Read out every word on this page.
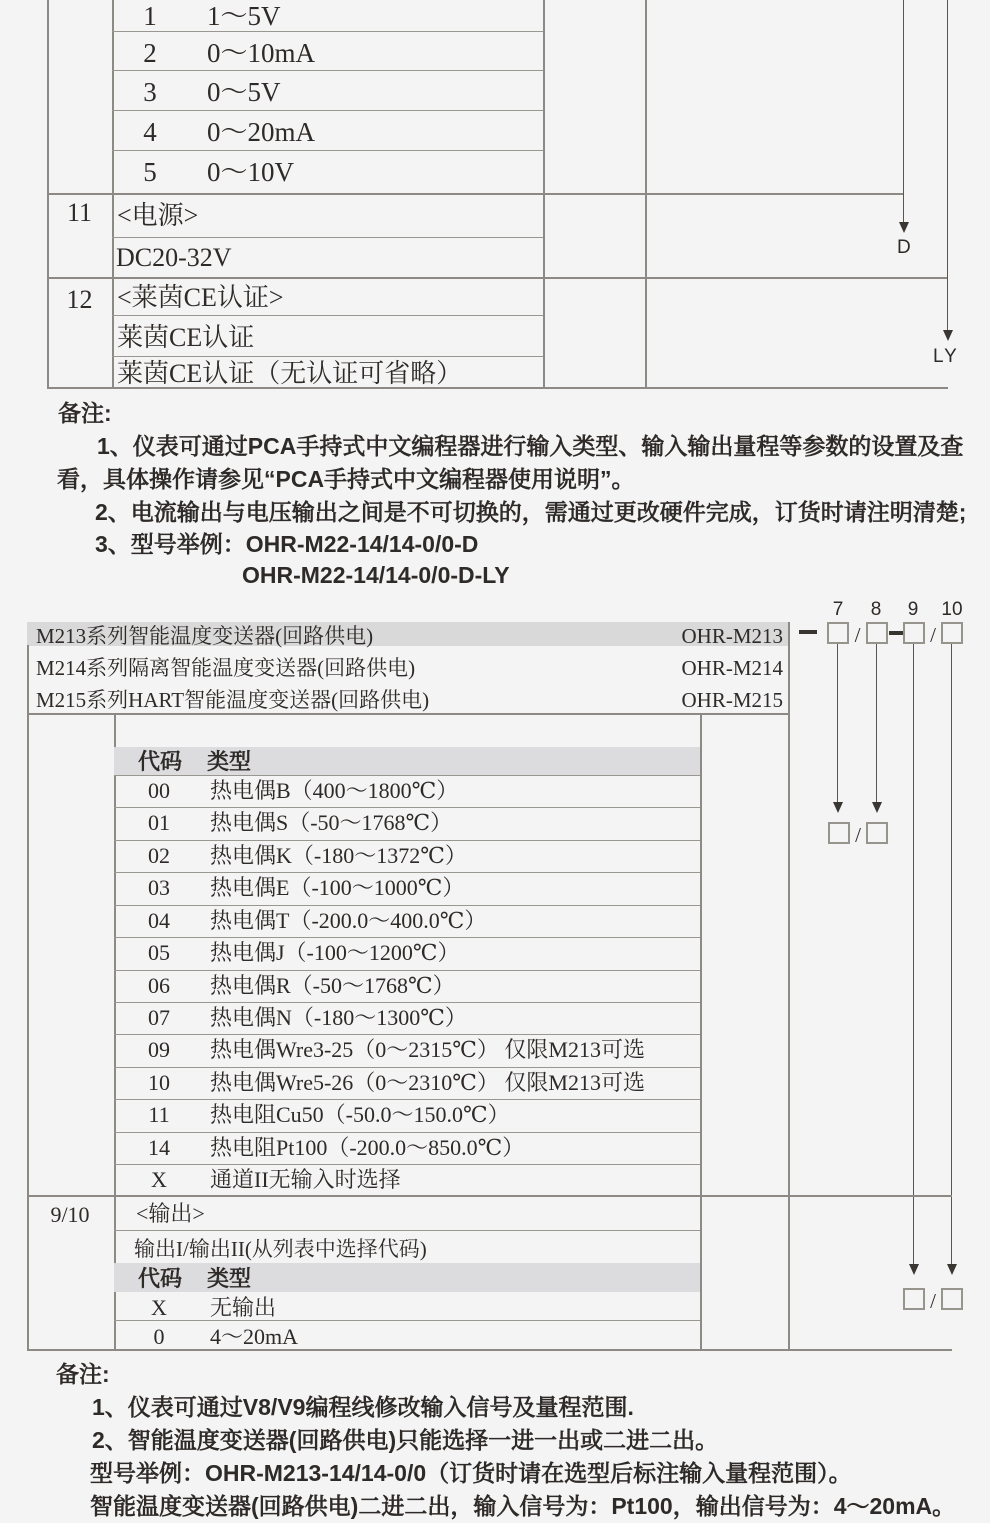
1	1～5V
2	0～10mA
3	0～5V
4	0～20mA
5	0～10V
11 <电源>
DC20-32V
12 <莱茵CE认证>
莱茵CE认证
莱茵CE认证（无认证可省略）
D
LY
备注:
1、仪表可通过PCA手持式中文编程器进行输入类型、输入输出量程等参数的设置及查
看，具体操作请参见“PCA手持式中文编程器使用说明”。
2、电流输出与电压输出之间是不可切换的，需通过更改硬件完成，订货时请注明清楚;
3、型号举例：OHR-M22-14/14-0/0-D
OHR-M22-14/14-0/0-D-LY
M213系列智能温度变送器(回路供电)	OHR-M213
M214系列隔离智能温度变送器(回路供电)	OHR-M214
M215系列HART智能温度变送器(回路供电)	OHR-M215
7 8 9 10
/	/
/
/
代码 类型
00	热电偶B（400～1800℃）
01	热电偶S（-50～1768℃）
02	热电偶K（-180～1372℃）
03	热电偶E（-100～1000℃）
04	热电偶T（-200.0～400.0℃）
05	热电偶J（-100～1200℃）
06	热电偶R（-50～1768℃）
07	热电偶N（-180～1300℃）
09	热电偶Wre3-25（0～2315℃） 仅限M213可选
10	热电偶Wre5-26（0～2310℃） 仅限M213可选
11	热电阻Cu50（-50.0～150.0℃）
14	热电阻Pt100（-200.0～850.0℃）
X	通道II无输入时选择
9/10	<输出>
输出I/输出II(从列表中选择代码)
代码 类型
X	无输出
0	4～20mA
备注:
1、仪表可通过V8/V9编程线修改输入信号及量程范围.
2、智能温度变送器(回路供电)只能选择一进一出或二进二出。
型号举例：OHR-M213-14/14-0/0（订货时请在选型后标注输入量程范围）。
智能温度变送器(回路供电)二进二出，输入信号为：Pt100，输出信号为：4～20mA。
